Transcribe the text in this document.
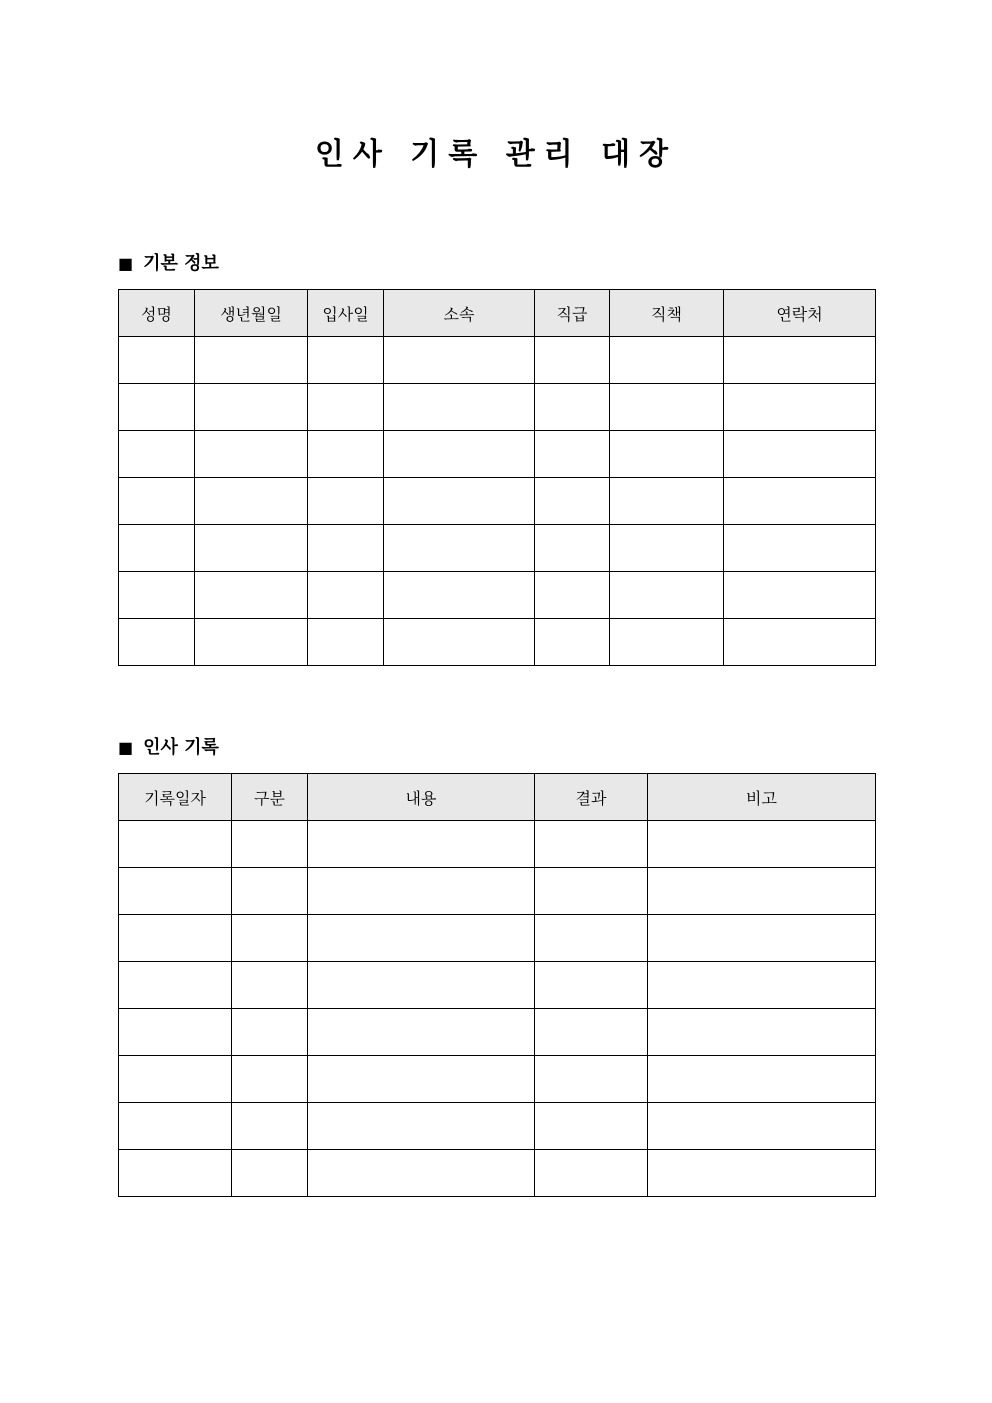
인사 기록 관리 대장
■ 기본 정보
성명	생년월일	입사일	소속	직급	직책	연락처

■ 인사 기록
기록일자	구분	내용	결과	비고
